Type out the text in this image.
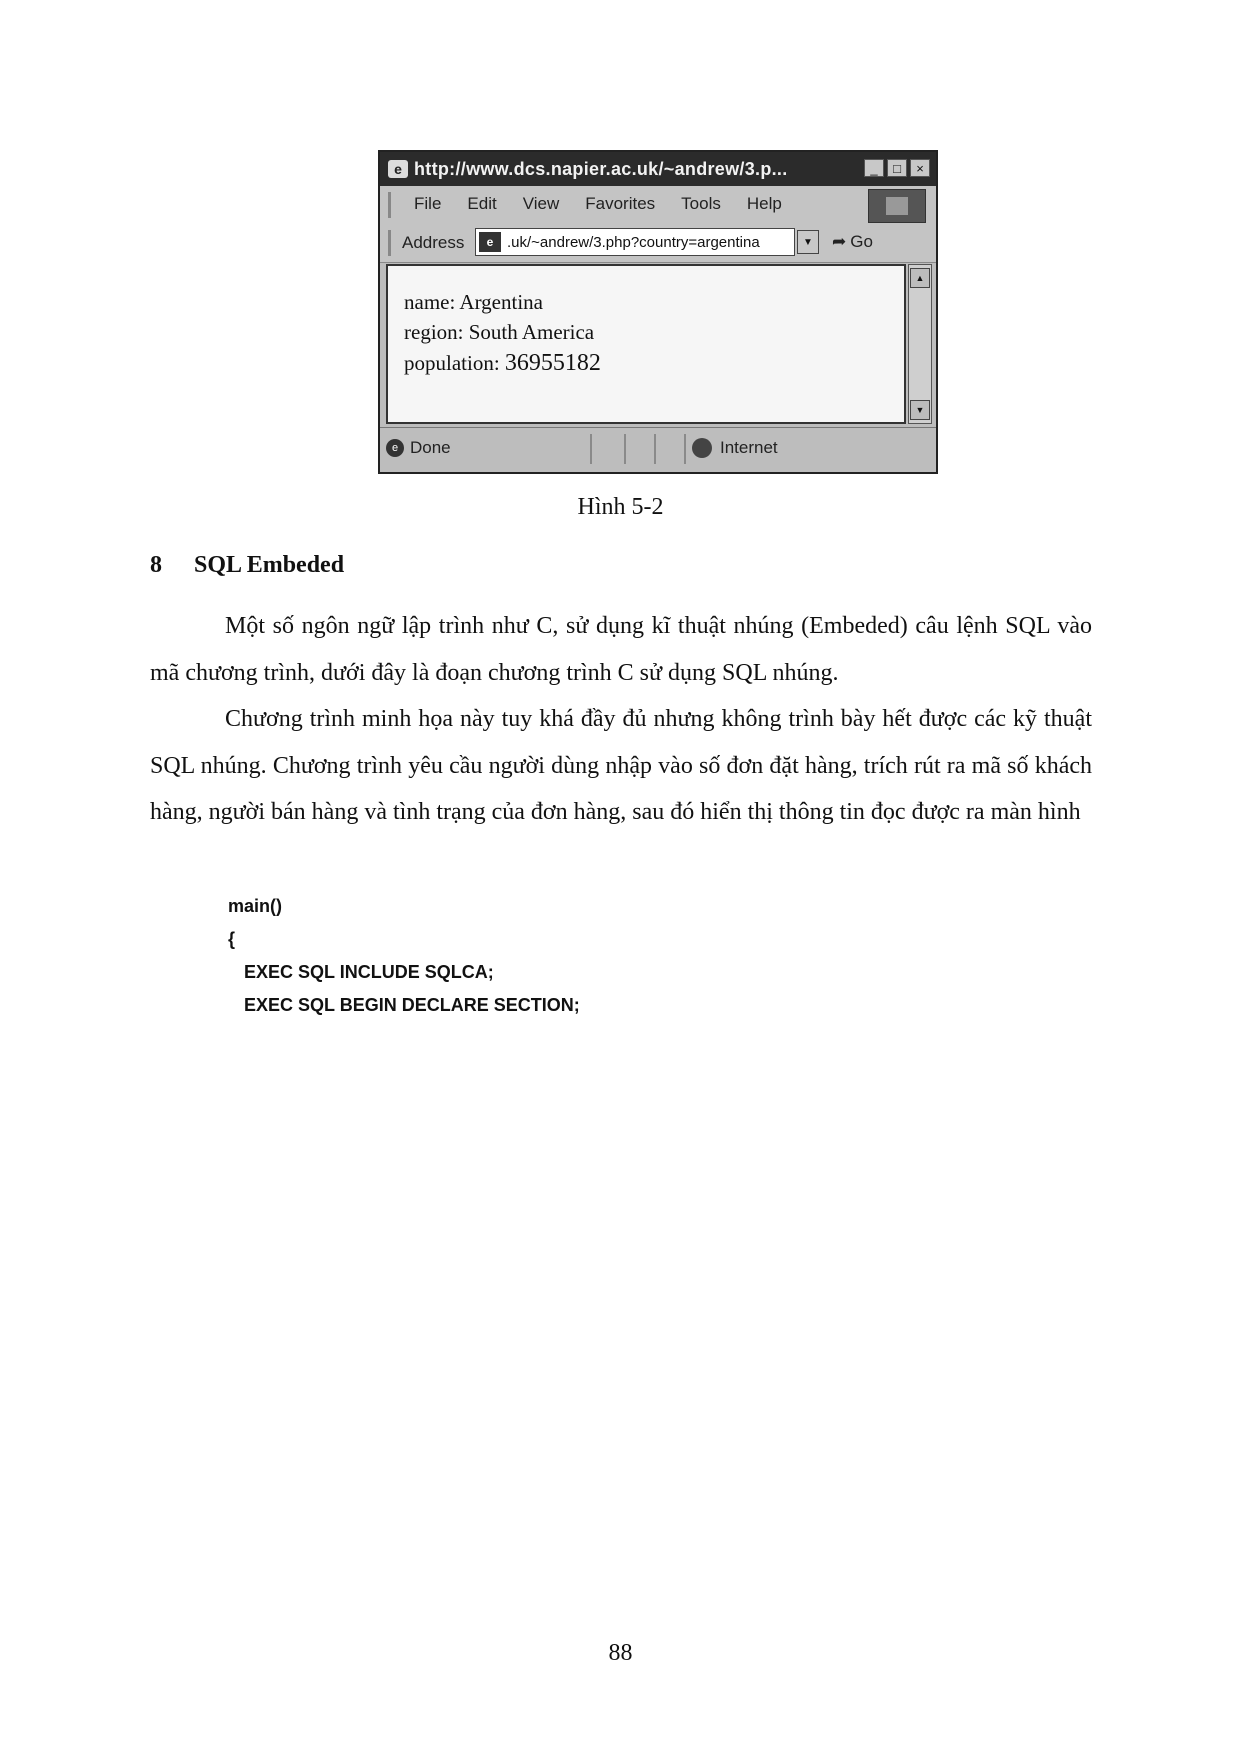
e http://www.dcs.napier.ac.uk/~andrew/3.p...	_	□	×
File Edit View Favorites Tools Help
Address	e .uk/~andrew/3.php?country=argentina	▼	➦ Go
name: Argentina
region: South America
population: 36955182
▲
▼
e Done	Internet
Hình 5-2
8 SQL Embeded

Một số ngôn ngữ lập trình như C, sử dụng kĩ thuật nhúng (Embeded) câu lệnh SQL vào mã chương trình, dưới đây là đoạn chương trình C sử dụng SQL nhúng.

Chương trình minh họa này tuy khá đầy đủ nhưng không trình bày hết được các kỹ thuật SQL nhúng. Chương trình yêu cầu người dùng nhập vào số đơn đặt hàng, trích rút ra mã số khách hàng, người bán hàng và tình trạng của đơn hàng, sau đó hiển thị thông tin đọc được ra màn hình

main()
{
EXEC SQL INCLUDE SQLCA;
EXEC SQL BEGIN DECLARE SECTION;
88
